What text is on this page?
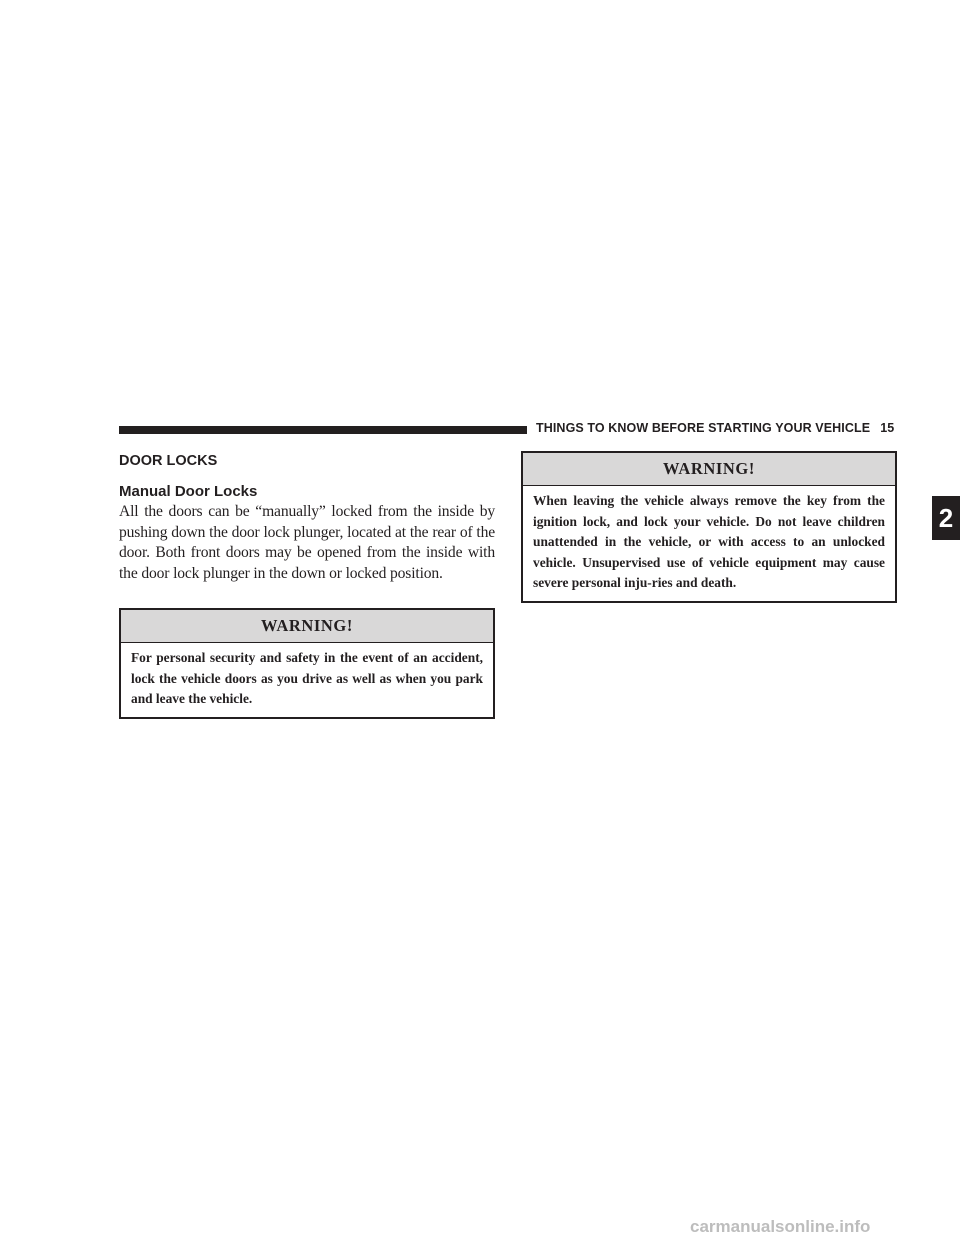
THINGS TO KNOW BEFORE STARTING YOUR VEHICLE 15
2
DOOR LOCKS
Manual Door Locks

All the doors can be “manually” locked from the inside by pushing down the door lock plunger, located at the rear of the door. Both front doors may be opened from the inside with the door lock plunger in the down or locked position.

WARNING!
For personal security and safety in the event of an accident, lock the vehicle doors as you drive as well as when you park and leave the vehicle.
WARNING!
When leaving the vehicle always remove the key from the ignition lock, and lock your vehicle. Do not leave children unattended in the vehicle, or with access to an unlocked vehicle. Unsupervised use of vehicle equipment may cause severe personal inju-ries and death.
carmanualsonline.info
